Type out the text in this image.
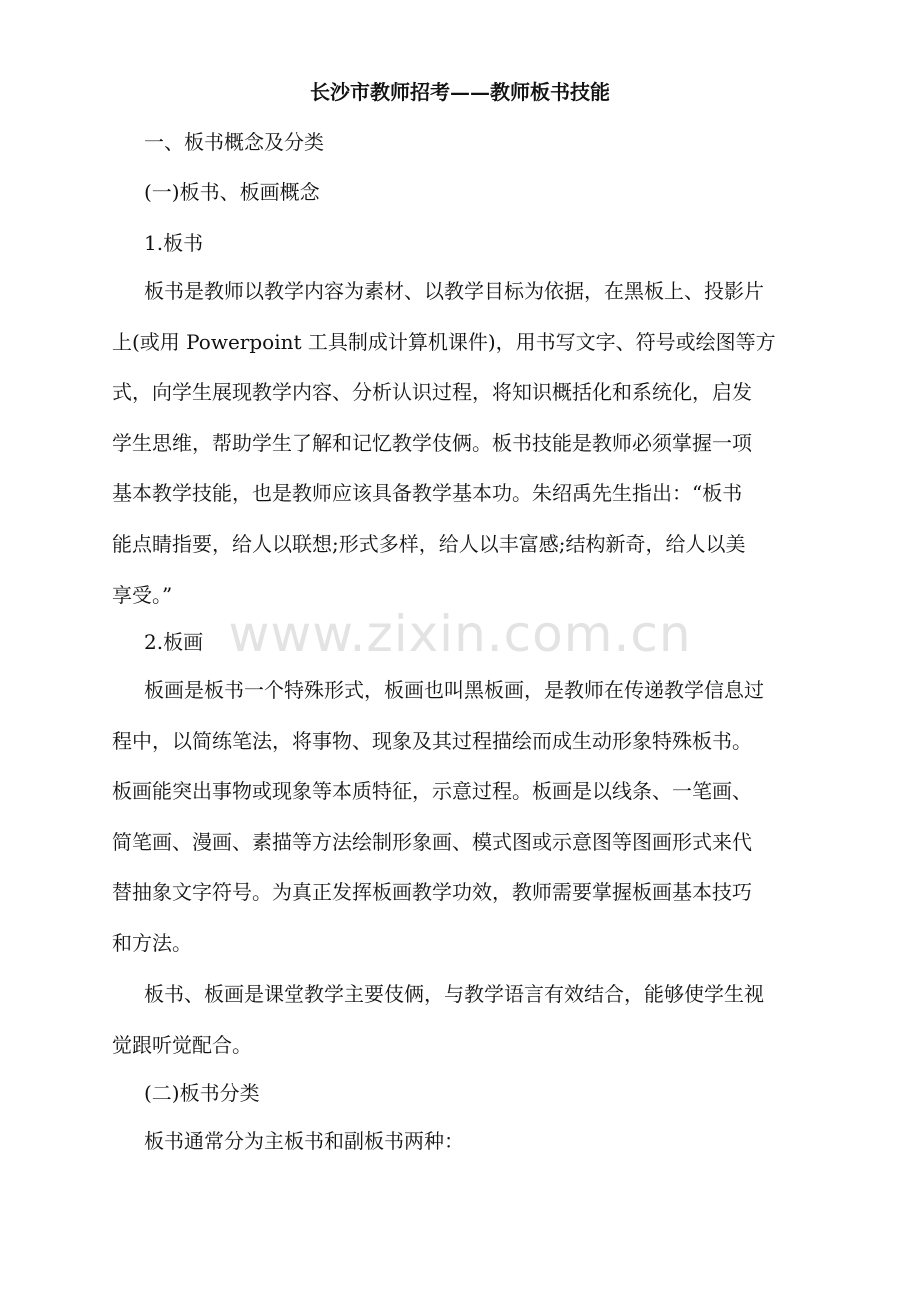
www.zixin.com.cn
长沙市教师招考——教师板书技能
一、板书概念及分类
(一)板书、板画概念
1.板书
板书是教师以教学内容为素材、以教学目标为依据，在黑板上、投影片
上(或用 Powerpoint 工具制成计算机课件)，用书写文字、符号或绘图等方
式，向学生展现教学内容、分析认识过程，将知识概括化和系统化，启发
学生思维，帮助学生了解和记忆教学伎俩。板书技能是教师必须掌握一项
基本教学技能，也是教师应该具备教学基本功。朱绍禹先生指出：“板书
能点睛指要，给人以联想;形式多样，给人以丰富感;结构新奇，给人以美
享受。”
2.板画
板画是板书一个特殊形式，板画也叫黑板画，是教师在传递教学信息过
程中，以简练笔法，将事物、现象及其过程描绘而成生动形象特殊板书。
板画能突出事物或现象等本质特征，示意过程。板画是以线条、一笔画、
简笔画、漫画、素描等方法绘制形象画、模式图或示意图等图画形式来代
替抽象文字符号。为真正发挥板画教学功效，教师需要掌握板画基本技巧
和方法。
板书、板画是课堂教学主要伎俩，与教学语言有效结合，能够使学生视
觉跟听觉配合。
(二)板书分类
板书通常分为主板书和副板书两种：
